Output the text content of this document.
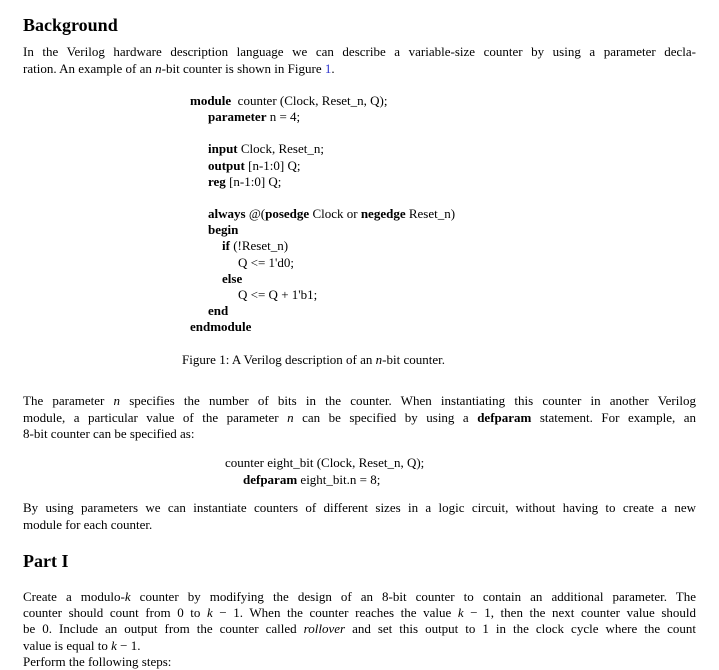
Background
In the Verilog hardware description language we can describe a variable-size counter by using a parameter decla-
ration. An example of an n-bit counter is shown in Figure 1.
module  counter (Clock, Reset_n, Q);
parameter n = 4;

input Clock, Reset_n;
output [n-1:0] Q;
reg [n-1:0] Q;

always @(posedge Clock or negedge Reset_n)
begin
if (!Reset_n)
Q <= 1'd0;
else
Q <= Q + 1'b1;
end
endmodule
Figure 1: A Verilog description of an n-bit counter.
The parameter n specifies the number of bits in the counter. When instantiating this counter in another Verilog
module, a particular value of the parameter n can be specified by using a defparam statement. For example, an
8-bit counter can be specified as:
counter eight_bit (Clock, Reset_n, Q);
defparam eight_bit.n = 8;
By using parameters we can instantiate counters of different sizes in a logic circuit, without having to create a new
module for each counter.
Part I
Create a modulo-k counter by modifying the design of an 8-bit counter to contain an additional parameter. The
counter should count from 0 to k − 1. When the counter reaches the value k − 1, then the next counter value should
be 0. Include an output from the counter called rollover and set this output to 1 in the clock cycle where the count
value is equal to k − 1.
Perform the following steps:
